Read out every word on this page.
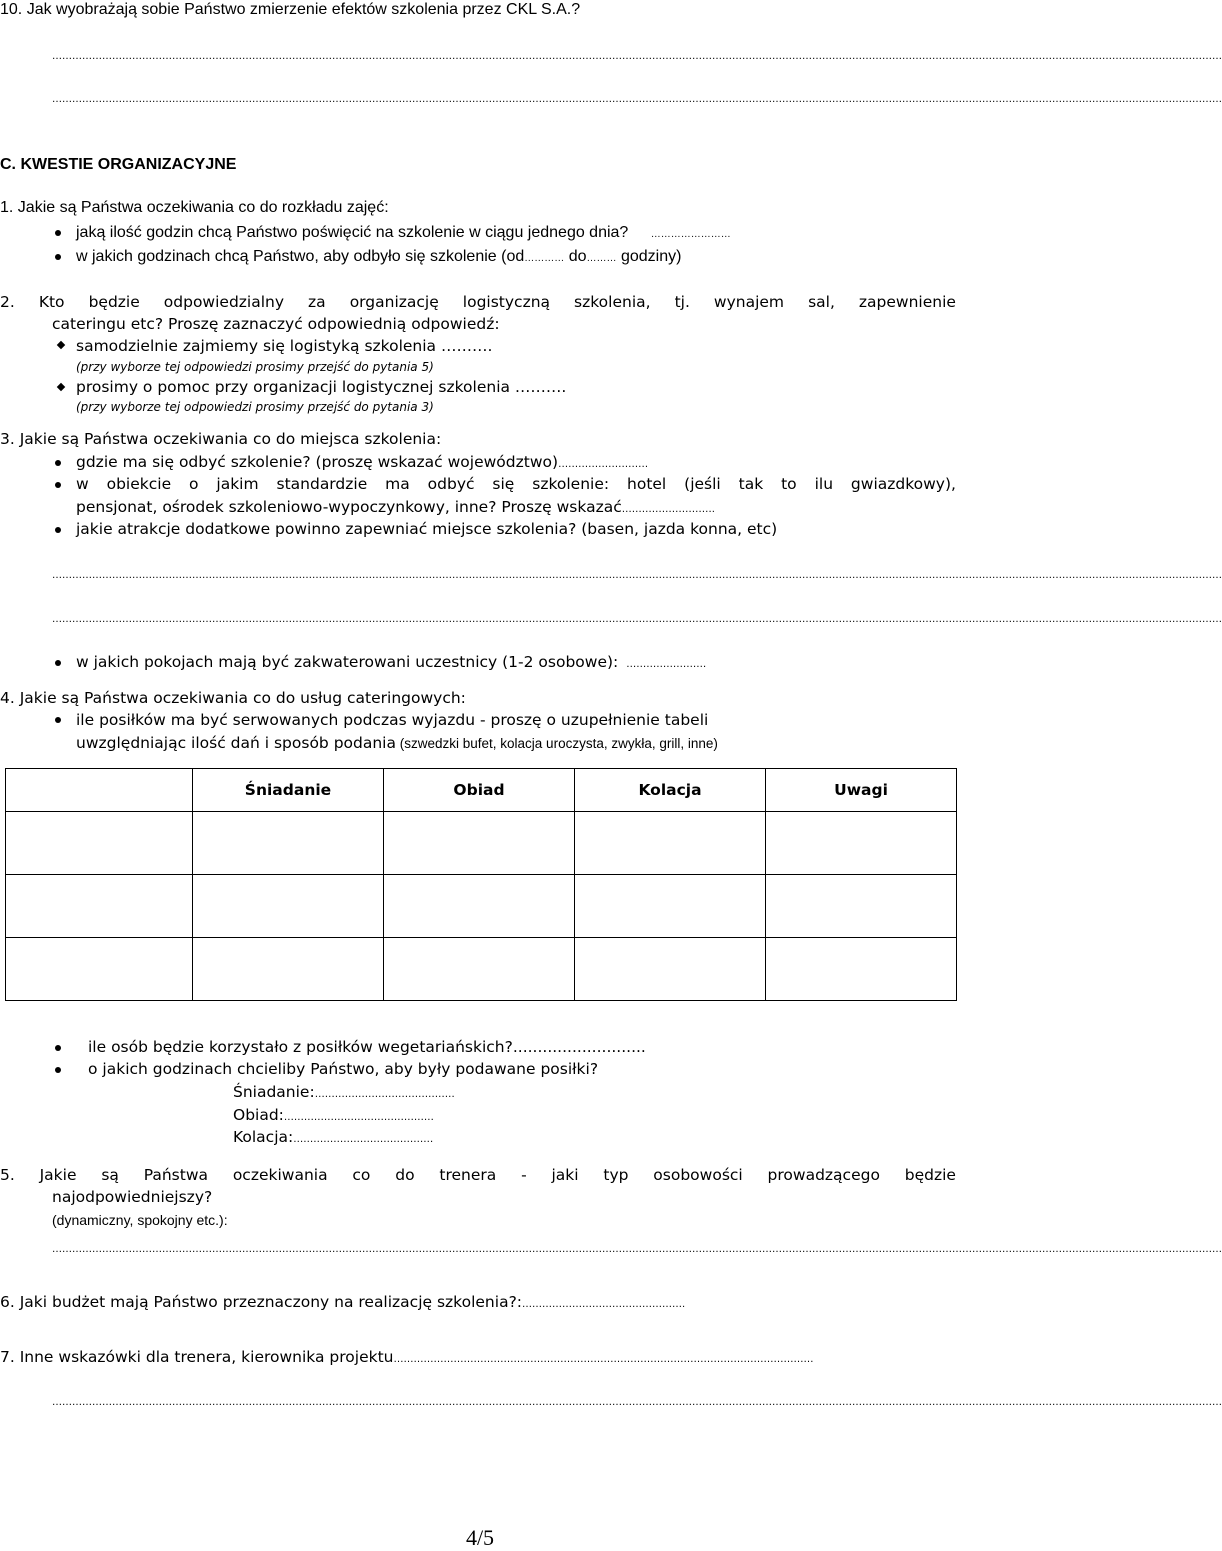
10. Jak wyobrażają sobie Państwo zmierzenie efektów szkolenia przez CKL S.A.?
………………………………………………………………………………………………………………………………………………………………………………………………………………………………………………………………………………………………………………………
………………………………………………………………………………………………………………………………………………………………………………………………………………………………………………………………………………………………………………………
C. KWESTIE ORGANIZACYJNE
1. Jakie są Państwa oczekiwania co do rozkładu zajęć:
jaką ilość godzin chcą Państwo poświęcić na szkolenie w ciągu jednego dnia? ……………………
w jakich godzinach chcą Państwo, aby odbyło się szkolenie (od………… do……… godziny)
2. Kto będzie odpowiedzialny za organizację logistyczną szkolenia, tj. wynajem sal, zapewnienie
cateringu etc? Proszę zaznaczyć odpowiednią odpowiedź:
samodzielnie zajmiemy się logistyką szkolenia ……….
(przy wyborze tej odpowiedzi prosimy przejść do pytania 5)
prosimy o pomoc przy organizacji logistycznej szkolenia ……….
(przy wyborze tej odpowiedzi prosimy przejść do pytania 3)
3. Jakie są Państwa oczekiwania co do miejsca szkolenia:
gdzie ma się odbyć szkolenie? (proszę wskazać województwo)………………………
w obiekcie o jakim standardzie ma odbyć się szkolenie: hotel (jeśli tak to ilu gwiazdkowy),
pensjonat, ośrodek szkoleniowo-wypoczynkowy, inne? Proszę wskazać……………………….
jakie atrakcje dodatkowe powinno zapewniać miejsce szkolenia? (basen, jazda konna, etc)
………………………………………………………………………………………………………………………………………………………………………………………………………………………………………………………………………………………………………………………
………………………………………………………………………………………………………………………………………………………………………………………………………………………………………………………………………………………………………………………
w jakich pokojach mają być zakwaterowani uczestnicy (1-2 osobowe): ……………………
4. Jakie są Państwa oczekiwania co do usług cateringowych:
ile posiłków ma być serwowanych podczas wyjazdu - proszę o uzupełnienie tabeli
uwzględniając ilość dań i sposób podania (szwedzki bufet, kolacja uroczysta, zwykła, grill, inne)
	Śniadanie	Obiad	Kolacja	Uwagi

ile osób będzie korzystało z posiłków wegetariańskich?...........................
o jakich godzinach chcieliby Państwo, aby były podawane posiłki?
Śniadanie:……………………………………
Obiad:………………………………………
Kolacja:……………………………………
5. Jakie są Państwa oczekiwania co do trenera - jaki typ osobowości prowadzącego będzie
najodpowiedniejszy?
(dynamiczny, spokojny etc.):
………………………………………………………………………………………………………………………………………………………………………………………………………………………………………………………………………………………………………………………
6. Jaki budżet mają Państwo przeznaczony na realizację szkolenia?:………………………………………….
7. Inne wskazówki dla trenera, kierownika projektu………………………………………………………………………………………………………………
………………………………………………………………………………………………………………………………………………………………………………………………………………………………………………………………………………………………………………………
4/5
